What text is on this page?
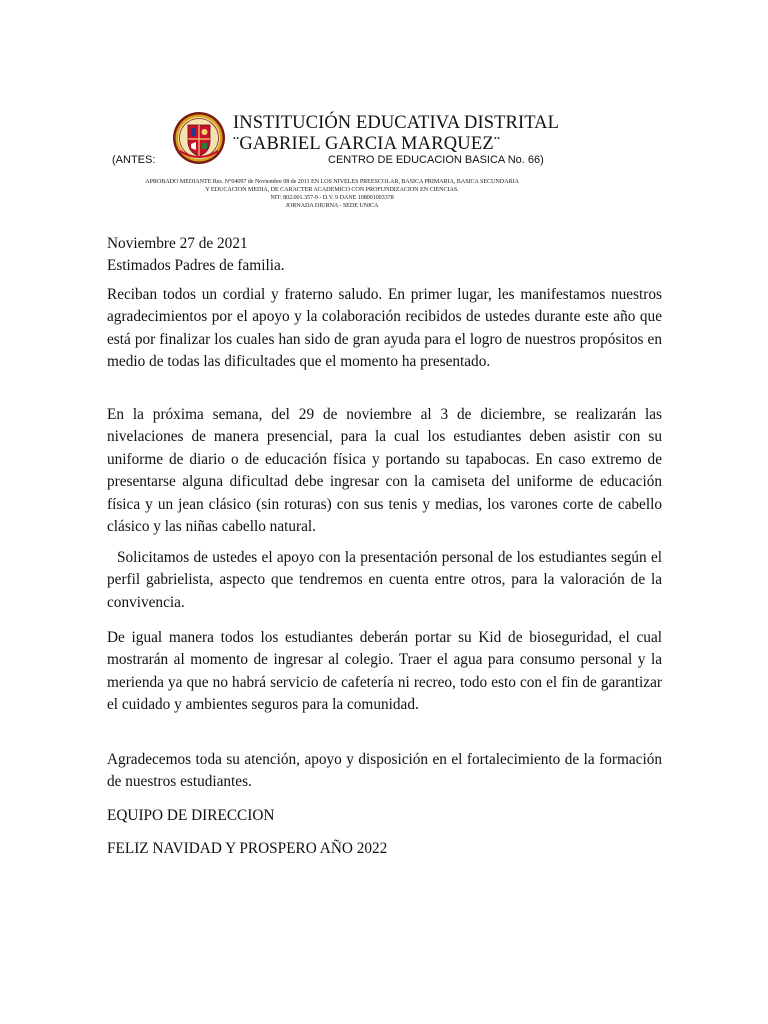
INSTITUCIÓN EDUCATIVA DISTRITAL
¨GABRIEL GARCIA MARQUEZ¨
(ANTES:	CENTRO DE EDUCACION BASICA No. 66)
APROBADO MEDIANTE Res. N°04097 de Noviembre 08 de 2011 EN LOS NIVELES PREESCOLAR, BASICA PRIMARIA, BASICA SECUNDARIA
Y EDUCACION MEDIA, DE CARACTER ACADEMICO CON PROFUNDIZACION EN CIENCIAS.
NIT: 802.001.357-9 - D.V. 9 DANE 108001003378
JORNADA DIURNA - SEDE UNICA

Noviembre 27 de 2021

Estimados Padres de familia.

Reciban todos un cordial y fraterno saludo. En primer lugar, les manifestamos nuestros agradecimientos por el apoyo y la colaboración recibidos de ustedes durante este año que está por finalizar los cuales han sido de gran ayuda para el logro de nuestros propósitos en medio de todas las dificultades que el momento ha presentado.

En la próxima semana, del 29 de noviembre al 3 de diciembre, se realizarán las nivelaciones de manera presencial, para la cual los estudiantes deben asistir con su uniforme de diario o de educación física y portando su tapabocas. En caso extremo de presentarse alguna dificultad debe ingresar con la camiseta del uniforme de educación física y un jean clásico (sin roturas) con sus tenis y medias, los varones corte de cabello clásico y las niñas cabello natural.

Solicitamos de ustedes el apoyo con la presentación personal de los estudiantes según el perfil gabrielista, aspecto que tendremos en cuenta entre otros, para la valoración de la convivencia.

De igual manera todos los estudiantes deberán portar su Kid de bioseguridad, el cual mostrarán al momento de ingresar al colegio. Traer el agua para consumo personal y la merienda ya que no habrá servicio de cafetería ni recreo, todo esto con el fin de garantizar el cuidado y ambientes seguros para la comunidad.

Agradecemos toda su atención, apoyo y disposición en el fortalecimiento de la formación de nuestros estudiantes.

EQUIPO DE DIRECCION

FELIZ NAVIDAD Y PROSPERO AÑO 2022
